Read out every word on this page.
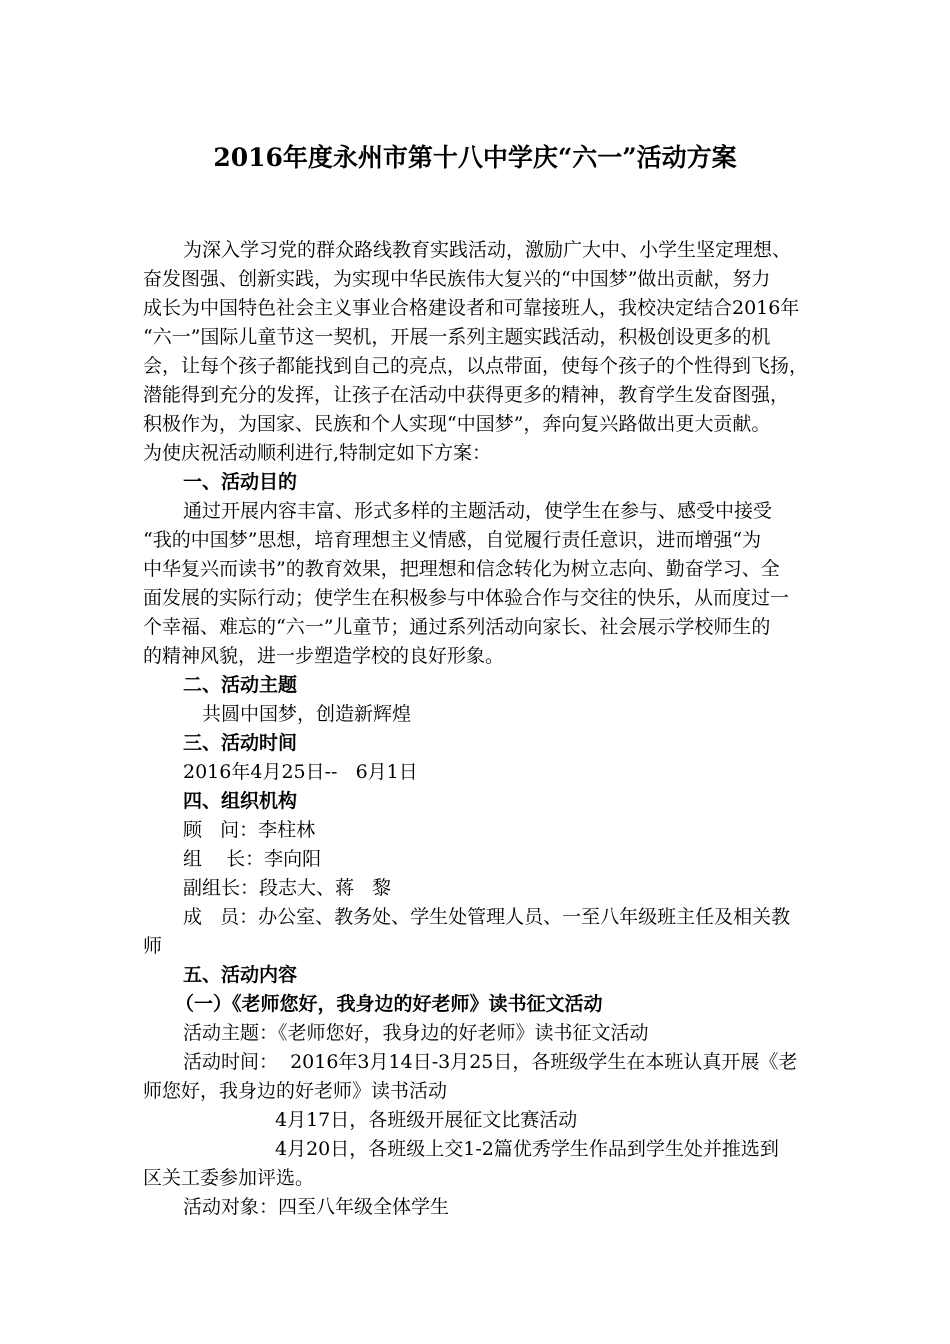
2016年度永州市第十八中学庆“六一”活动方案

为深入学习党的群众路线教育实践活动，激励广大中、小学生坚定理想、

奋发图强、创新实践，为实现中华民族伟大复兴的“中国梦”做出贡献，努力

成长为中国特色社会主义事业合格建设者和可靠接班人，我校决定结合2016年

“六一”国际儿童节这一契机，开展一系列主题实践活动，积极创设更多的机

会，让每个孩子都能找到自己的亮点，以点带面，使每个孩子的个性得到飞扬，

潜能得到充分的发挥，让孩子在活动中获得更多的精神，教育学生发奋图强，

积极作为，为国家、民族和个人实现“中国梦”，奔向复兴路做出更大贡献。

为使庆祝活动顺利进行,特制定如下方案：

一、活动目的

通过开展内容丰富、形式多样的主题活动，使学生在参与、感受中接受

“我的中国梦”思想，培育理想主义情感，自觉履行责任意识，进而增强“为

中华复兴而读书”的教育效果，把理想和信念转化为树立志向、勤奋学习、全

面发展的实际行动；使学生在积极参与中体验合作与交往的快乐，从而度过一

个幸福、难忘的“六一”儿童节；通过系列活动向家长、社会展示学校师生的

的精神风貌，进一步塑造学校的良好形象。

二、活动主题

共圆中国梦，创造新辉煌

三、活动时间

2016年4月25日--   6月1日

四、组织机构

顾   问：李柱林

组    长：李向阳

副组长：段志大、蒋   黎

成   员：办公室、教务处、学生处管理人员、一至八年级班主任及相关教

师

五、活动内容

（一）《老师您好，我身边的好老师》读书征文活动

活动主题：《老师您好，我身边的好老师》读书征文活动

活动时间：  2016年3月14日-3月25日，各班级学生在本班认真开展《老

师您好，我身边的好老师》读书活动

4月17日，各班级开展征文比赛活动

4月20日，各班级上交1-2篇优秀学生作品到学生处并推选到

区关工委参加评选。

活动对象：四至八年级全体学生
